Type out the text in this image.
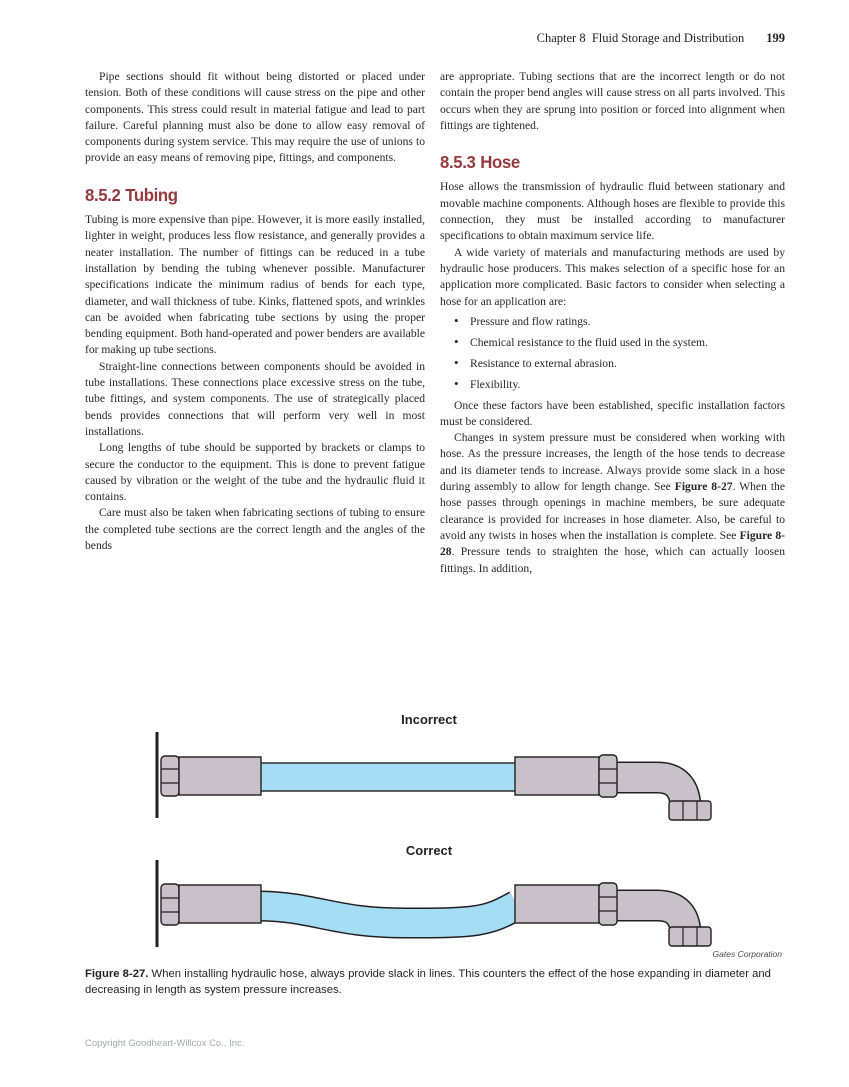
Chapter 8  Fluid Storage and Distribution 199

Pipe sections should fit without being distorted or placed under tension. Both of these conditions will cause stress on the pipe and other components. This stress could result in material fatigue and lead to part failure. Careful planning must also be done to allow easy removal of components during system service. This may require the use of unions to provide an easy means of removing pipe, fittings, and components.

8.5.2 Tubing

Tubing is more expensive than pipe. However, it is more easily installed, lighter in weight, produces less flow resistance, and generally provides a neater installation. The number of fittings can be reduced in a tube installation by bending the tubing whenever possible. Manufacturer specifications indicate the minimum radius of bends for each type, diameter, and wall thickness of tube. Kinks, flattened spots, and wrinkles can be avoided when fabricating tube sections by using the proper bending equipment. Both hand-operated and power benders are available for making up tube sections.

Straight-line connections between components should be avoided in tube installations. These connections place excessive stress on the tube, tube fittings, and system components. The use of strategically placed bends provides connections that will perform very well in most installations.

Long lengths of tube should be supported by brackets or clamps to secure the conductor to the equipment. This is done to prevent fatigue caused by vibration or the weight of the tube and the hydraulic fluid it contains.

Care must also be taken when fabricating sections of tubing to ensure the completed tube sections are the correct length and the angles of the bends

are appropriate. Tubing sections that are the incorrect length or do not contain the proper bend angles will cause stress on all parts involved. This occurs when they are sprung into position or forced into alignment when fittings are tightened.

8.5.3 Hose

Hose allows the transmission of hydraulic fluid between stationary and movable machine components. Although hoses are flexible to provide this connection, they must be installed according to manufacturer specifications to obtain maximum service life.

A wide variety of materials and manufacturing methods are used by hydraulic hose producers. This makes selection of a specific hose for an application more complicated. Basic factors to consider when selecting a hose for an application are:

• Pressure and flow ratings.
• Chemical resistance to the fluid used in the system.
• Resistance to external abrasion.
• Flexibility.

Once these factors have been established, specific installation factors must be considered.

Changes in system pressure must be considered when working with hose. As the pressure increases, the length of the hose tends to decrease and its diameter tends to increase. Always provide some slack in a hose during assembly to allow for length change. See Figure 8-27. When the hose passes through openings in machine members, be sure adequate clearance is provided for increases in hose diameter. Also, be careful to avoid any twists in hoses when the installation is complete. See Figure 8-28. Pressure tends to straighten the hose, which can actually loosen fittings. In addition,

Incorrect
Correct
Gates Corporation
Figure 8-27. When installing hydraulic hose, always provide slack in lines. This counters the effect of the hose expanding in diameter and decreasing in length as system pressure increases.
Copyright Goodheart-Willcox Co., Inc.
